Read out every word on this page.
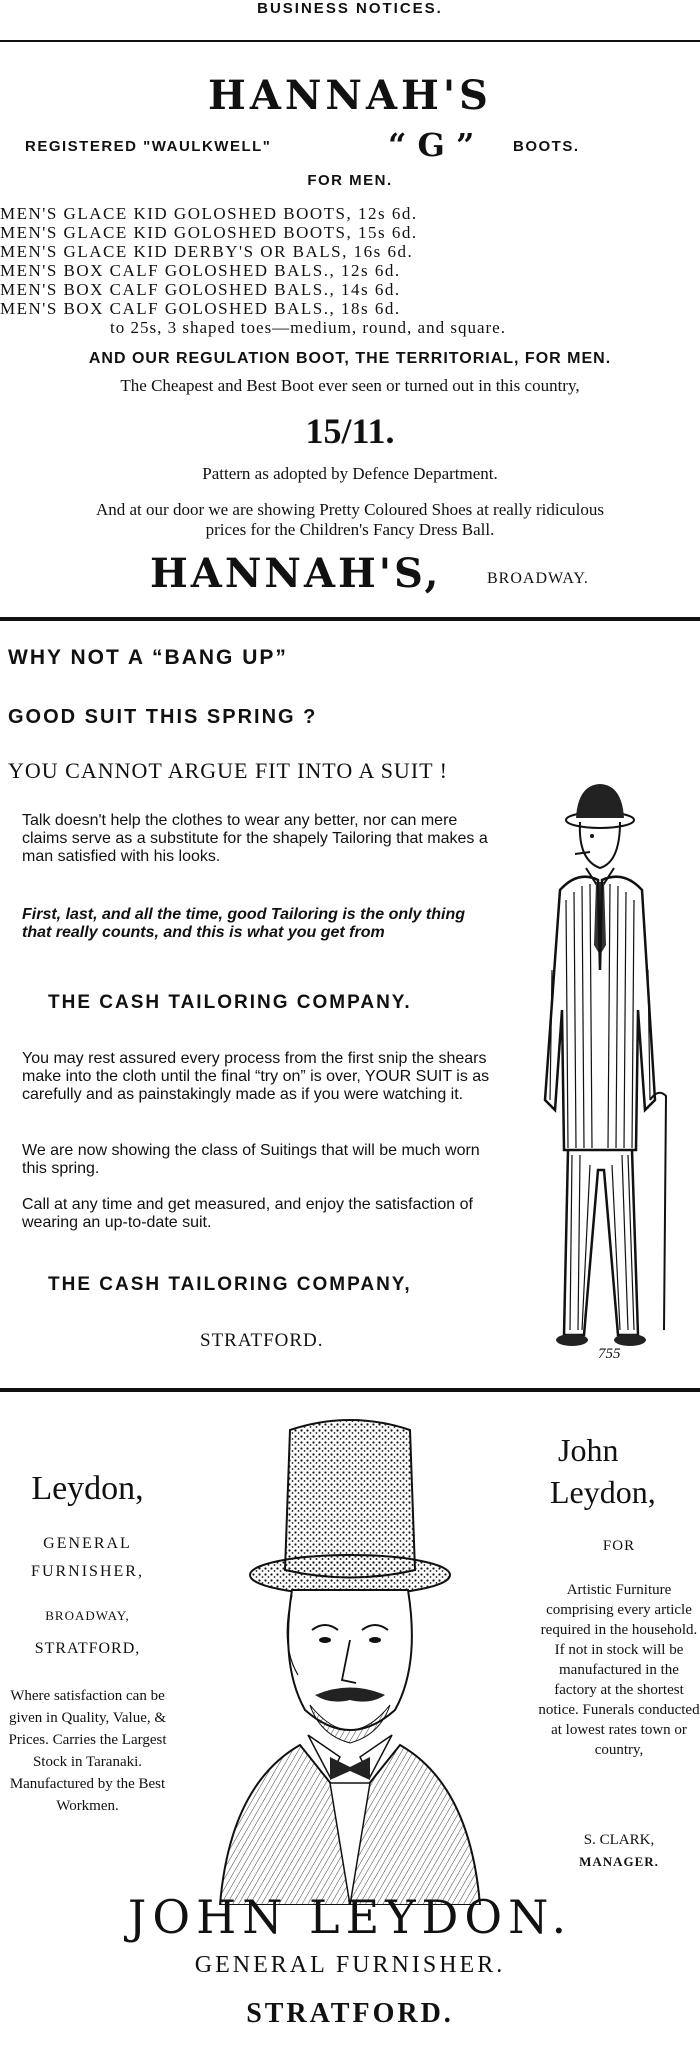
BUSINESS NOTICES.
HANNAH'S
REGISTERED "WAULKWELL"	“ G ”	BOOTS.
FOR MEN.
MEN'S GLACE KID GOLOSHED BOOTS, 12s 6d.
MEN'S GLACE KID GOLOSHED BOOTS, 15s 6d.
MEN'S GLACE KID DERBY'S OR BALS, 16s 6d.
MEN'S BOX CALF GOLOSHED BALS., 12s 6d.
MEN'S BOX CALF GOLOSHED BALS., 14s 6d.
MEN'S BOX CALF GOLOSHED BALS., 18s 6d.
to 25s, 3 shaped toes—medium, round, and square.
AND OUR REGULATION BOOT, THE TERRITORIAL, FOR MEN.
The Cheapest and Best Boot ever seen or turned out in this country,
15/11.
Pattern as adopted by Defence Department.
And at our door we are showing Pretty Coloured Shoes at really ridiculous
prices for the Children's Fancy Dress Ball.
HANNAH'S,	BROADWAY.
WHY NOT A “BANG UP”
GOOD SUIT THIS SPRING ?
YOU CANNOT ARGUE FIT INTO A SUIT !
Talk doesn't help the clothes to wear any better, nor can mere claims serve as a substitute for the shapely Tailoring that makes a man satisfied with his looks.
First, last, and all the time, good Tailoring is the only thing that really counts, and this is what you get from
THE CASH TAILORING COMPANY.
You may rest assured every process from the first snip the shears make into the cloth until the final “try on” is over, YOUR SUIT is as carefully and as painstakingly made as if you were watching it.
We are now showing the class of Suitings that will be much worn this spring.
Call at any time and get measured, and enjoy the satisfaction of wearing an up-to-date suit.
THE CASH TAILORING COMPANY,
STRATFORD.
755
Leydon,
GENERAL
FURNISHER,
BROADWAY,
STRATFORD,
Where satisfaction can be given in Quality, Value, & Prices. Carries the Largest Stock in Taranaki. Manufactured by the Best Workmen.
John
Leydon,
FOR
Artistic Furniture comprising every article required in the household. If not in stock will be manufactured in the factory at the shortest notice. Funerals conducted at lowest rates town or country,
S. CLARK,
MANAGER.
JOHN LEYDON.
GENERAL FURNISHER.
STRATFORD.
